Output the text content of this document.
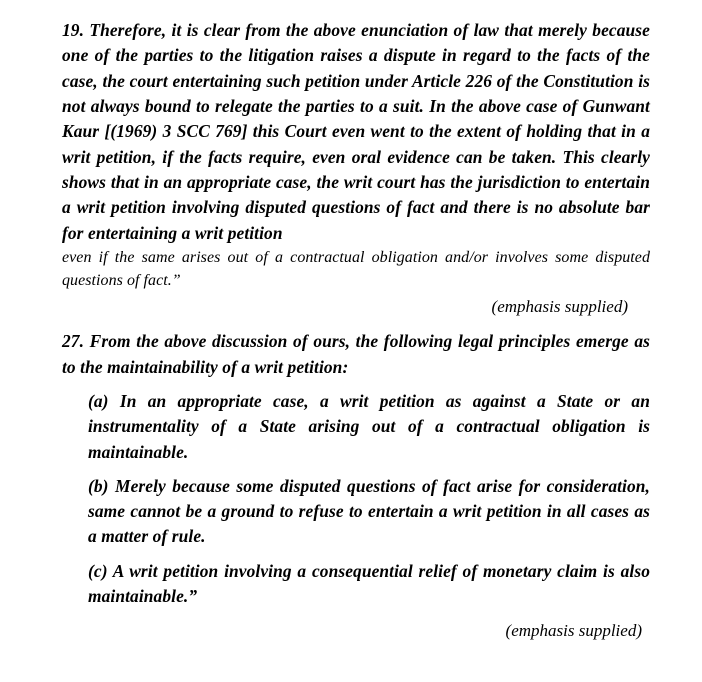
19. Therefore, it is clear from the above enunciation of law that merely because one of the parties to the litigation raises a dispute in regard to the facts of the case, the court entertaining such petition under Article 226 of the Constitution is not always bound to relegate the parties to a suit. In the above case of Gunwant Kaur [(1969) 3 SCC 769] this Court even went to the extent of holding that in a writ petition, if the facts require, even oral evidence can be taken. This clearly shows that in an appropriate case, the writ court has the jurisdiction to entertain a writ petition involving disputed questions of fact and there is no absolute bar for entertaining a writ petition
even if the same arises out of a contractual obligation and/or involves some disputed questions of fact.”

(emphasis supplied)

27. From the above discussion of ours, the following legal principles emerge as to the maintainability of a writ petition:

(a) In an appropriate case, a writ petition as against a State or an instrumentality of a State arising out of a contractual obligation is maintainable.

(b) Merely because some disputed questions of fact arise for consideration, same cannot be a ground to refuse to entertain a writ petition in all cases as a matter of rule.

(c) A writ petition involving a consequential relief of monetary claim is also maintainable.”

(emphasis supplied)
